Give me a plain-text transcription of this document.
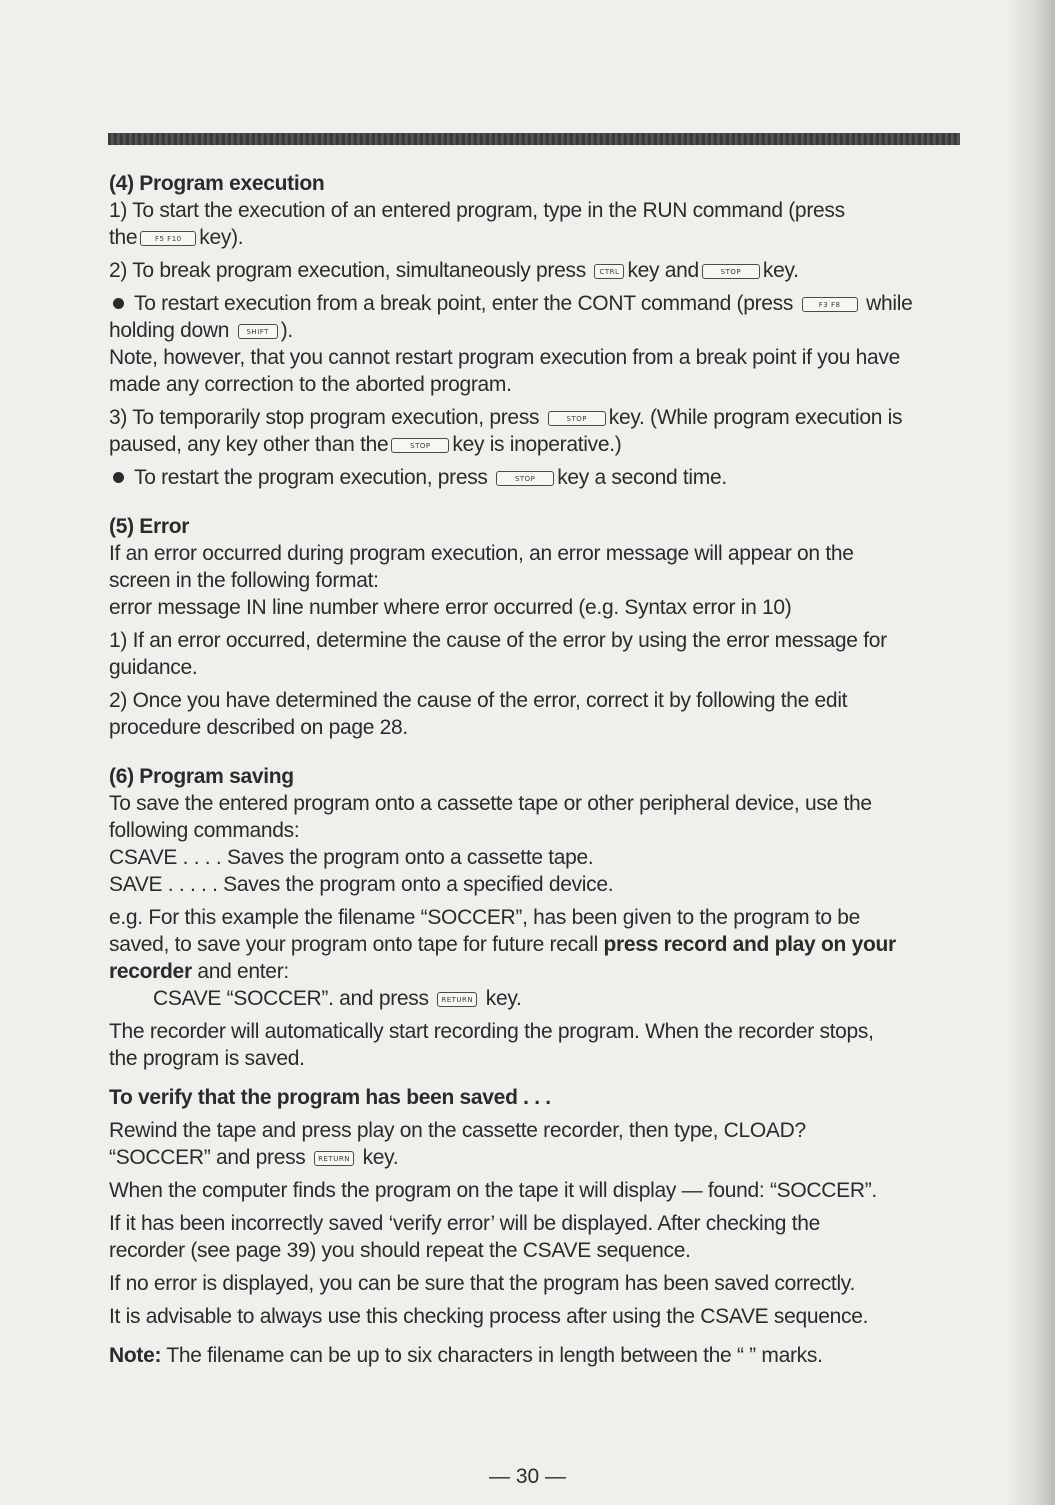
(4) Program execution

1) To start the execution of an entered program, type in the RUN command (press
the	F5 F10 key).

2) To break program execution, simultaneously press CTRL key and	STOP key.

To restart execution from a break point, enter the CONT command (press	F3 F8 while
holding down SHIFT ).

Note, however, that you cannot restart program execution from a break point if you have
made any correction to the aborted program.

3) To temporarily stop program execution, press	STOP key. (While program execution is
paused, any key other than the	STOP key is inoperative.)

To restart the program execution, press	STOP key a second time.

(5) Error

If an error occurred during program execution, an error message will appear on the
screen in the following format:
error message IN line number where error occurred (e.g. Syntax error in 10)

1) If an error occurred, determine the cause of the error by using the error message for
guidance.

2) Once you have determined the cause of the error, correct it by following the edit
procedure described on page 28.

(6) Program saving

To save the entered program onto a cassette tape or other peripheral device, use the
following commands:
CSAVE . . . . Saves the program onto a cassette tape.
SAVE . . . . . Saves the program onto a specified device.

e.g. For this example the filename “SOCCER”, has been given to the program to be
saved, to save your program onto tape for future recall press record and play on your
recorder and enter:

CSAVE “SOCCER”. and press RETURN key.

The recorder will automatically start recording the program. When the recorder stops,
the program is saved.

To verify that the program has been saved . . .

Rewind the tape and press play on the cassette recorder, then type, CLOAD?
“SOCCER” and press RETURN key.

When the computer finds the program on the tape it will display — found: “SOCCER”.

If it has been incorrectly saved ‘verify error’ will be displayed. After checking the
recorder (see page 39) you should repeat the CSAVE sequence.

If no error is displayed, you can be sure that the program has been saved correctly.

It is advisable to always use this checking process after using the CSAVE sequence.

Note: The filename can be up to six characters in length between the “ ” marks.

— 30 —
